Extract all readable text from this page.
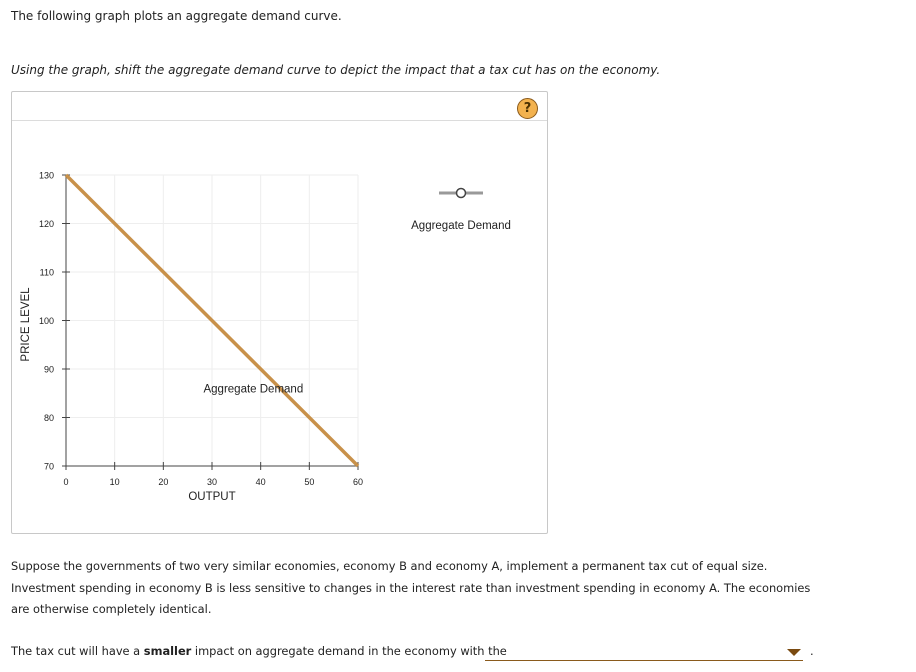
The following graph plots an aggregate demand curve.
Using the graph, shift the aggregate demand curve to depict the impact that a tax cut has on the economy.
?
0	10	20	30	40	50	60
130
120
110
100
90
80
70
Aggregate Demand
OUTPUT
PRICE LEVEL
Aggregate Demand
Suppose the governments of two very similar economies, economy B and economy A, implement a permanent tax cut of equal size. Investment spending in economy B is less sensitive to changes in the interest rate than investment spending in economy A. The economies are otherwise completely identical.
The tax cut will have a smaller impact on aggregate demand in the economy with the	.
